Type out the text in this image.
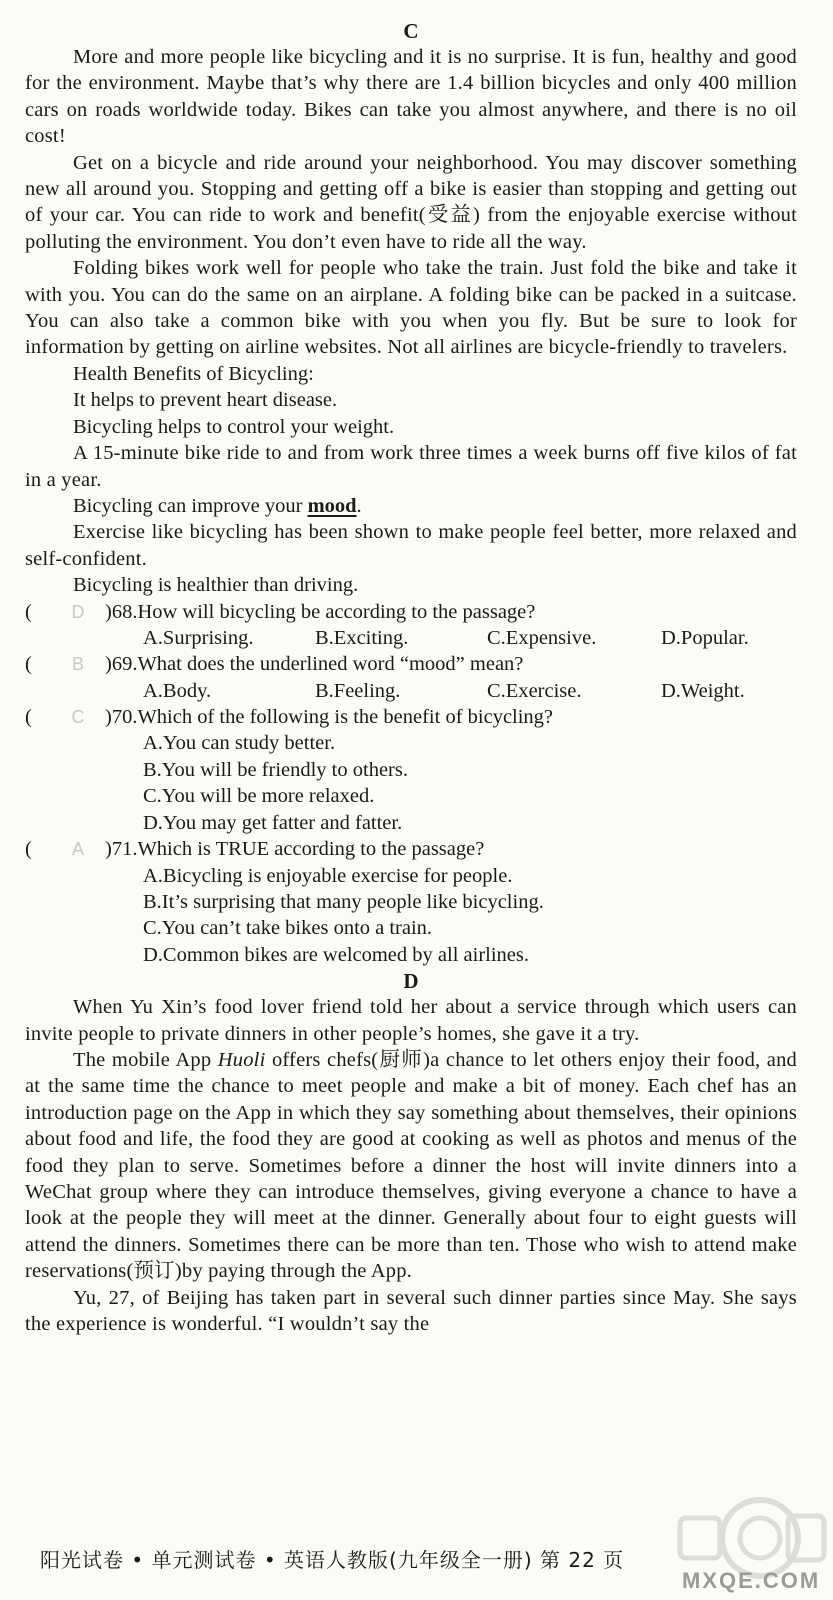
C

More and more people like bicycling and it is no surprise. It is fun, healthy and good for the environment. Maybe that’s why there are 1.4 billion bicycles and only 400 million cars on roads worldwide today. Bikes can take you almost anywhere, and there is no oil cost!

Get on a bicycle and ride around your neighborhood. You may discover something new all around you. Stopping and getting off a bike is easier than stopping and getting out of your car. You can ride to work and benefit(受益) from the enjoyable exercise without polluting the environment. You don’t even have to ride all the way.

Folding bikes work well for people who take the train. Just fold the bike and take it with you. You can do the same on an airplane. A folding bike can be packed in a suitcase. You can also take a common bike with you when you fly. But be sure to look for information by getting on airline websites. Not all airlines are bicycle-friendly to travelers.

Health Benefits of Bicycling:

It helps to prevent heart disease.

Bicycling helps to control your weight.

A 15-minute bike ride to and from work three times a week burns off five kilos of fat in a year.

Bicycling can improve your mood.

Exercise like bicycling has been shown to make people feel better, more relaxed and self-confident.

Bicycling is healthier than driving.

(	D	)68.How will bicycling be according to the passage?
A.Surprising.	B.Exciting.	C.Expensive.	D.Popular.
(	B	)69.What does the underlined word “mood” mean?
A.Body.	B.Feeling.	C.Exercise.	D.Weight.
(	C	)70.Which of the following is the benefit of bicycling?
A.You can study better.
B.You will be friendly to others.
C.You will be more relaxed.
D.You may get fatter and fatter.
(	A	)71.Which is TRUE according to the passage?
A.Bicycling is enjoyable exercise for people.
B.It’s surprising that many people like bicycling.
C.You can’t take bikes onto a train.
D.Common bikes are welcomed by all airlines.
D

When Yu Xin’s food lover friend told her about a service through which users can invite people to private dinners in other people’s homes, she gave it a try.

The mobile App Huoli offers chefs(厨师)a chance to let others enjoy their food, and at the same time the chance to meet people and make a bit of money. Each chef has an introduction page on the App in which they say something about themselves, their opinions about food and life, the food they are good at cooking as well as photos and menus of the food they plan to serve. Sometimes before a dinner the host will invite dinners into a WeChat group where they can introduce themselves, giving everyone a chance to have a look at the people they will meet at the dinner. Generally about four to eight guests will attend the dinners. Sometimes there can be more than ten. Those who wish to attend make reservations(预订)by paying through the App.

Yu, 27, of Beijing has taken part in several such dinner parties since May. She says the experience is wonderful. “I wouldn’t say the

阳光试卷 • 单元测试卷 • 英语人教版(九年级全一册) 第 22 页
MXQE.COM
